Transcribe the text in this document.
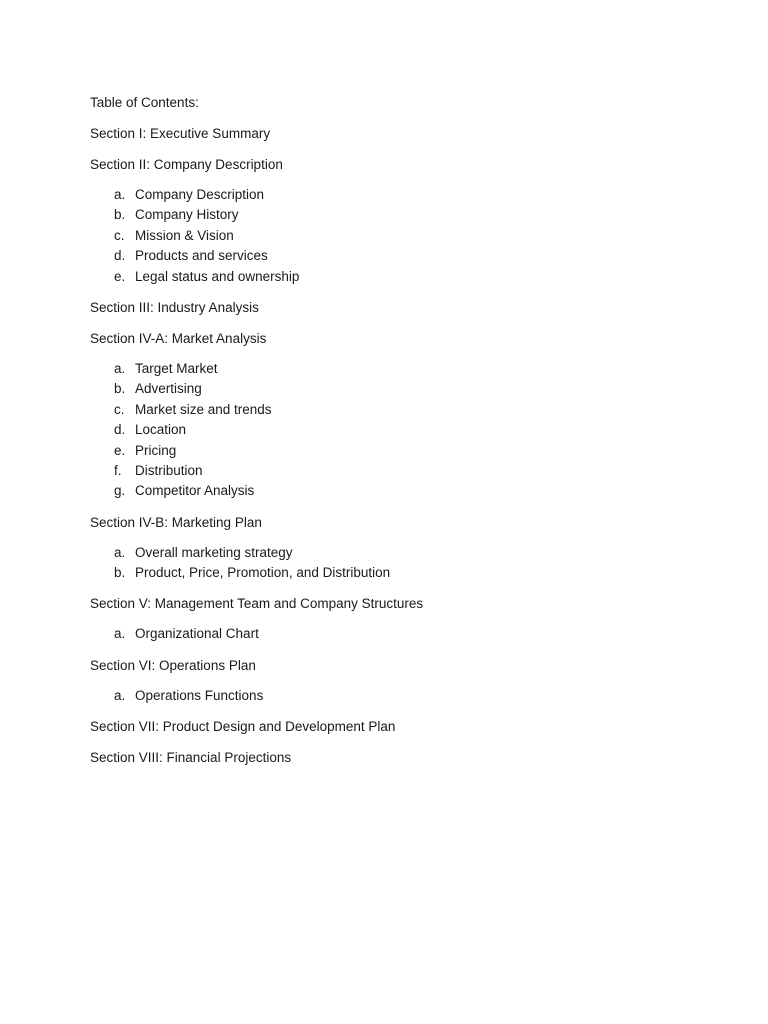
Table of Contents:
Section I: Executive Summary
Section II: Company Description
a. Company Description
b. Company History
c. Mission & Vision
d. Products and services
e. Legal status and ownership
Section III: Industry Analysis
Section IV-A: Market Analysis
a. Target Market
b. Advertising
c. Market size and trends
d. Location
e. Pricing
f. Distribution
g. Competitor Analysis
Section IV-B: Marketing Plan
a. Overall marketing strategy
b. Product, Price, Promotion, and Distribution
Section V: Management Team and Company Structures
a. Organizational Chart
Section VI: Operations Plan
a. Operations Functions
Section VII: Product Design and Development Plan
Section VIII: Financial Projections
